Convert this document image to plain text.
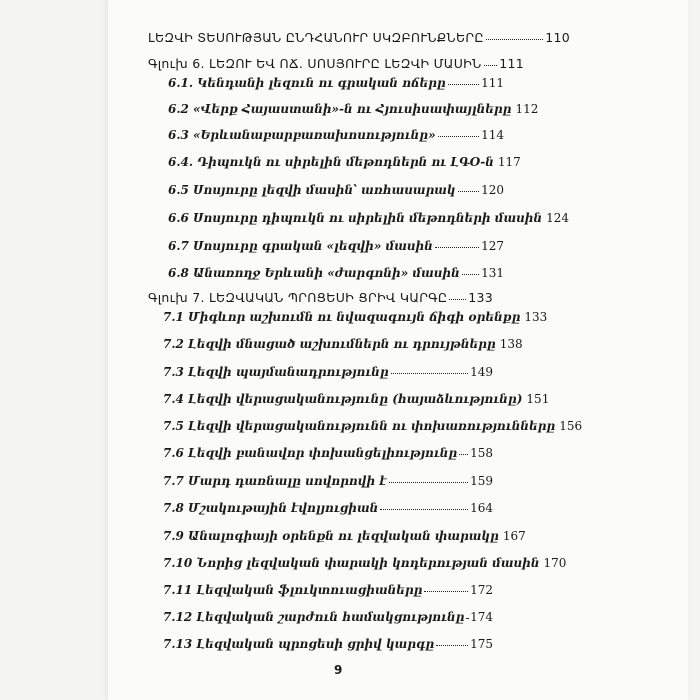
ԼԵԶՎԻ ՏԵՍՈՒԹՅԱՆ ԸՆԴՀԱՆՈՒՐ ՍԿԶԲՈՒՆՔՆԵՐԸ	110
Գլուխ 6. ԼԵԶՈՒ ԵՎ ՈՃ. ՍՈՍՅՈՒՐԸ ԼԵԶՎԻ ՄԱՍԻՆ 111
6.1. Կենդանի լեզուն ու գրական ոճերը	111
6.2 «Վերք Հայաստանի»-ն ու Հյուսիսափայլները 112
6.3 «Երևանաբարբառախոսությունը»	114
6.4. Դիպուկն ու սիրելին մեթոդներն ու ԼԳՕ-ն 117
6.5 Սոսյուրը լեզվի մասին՝ առհասարակ 120
6.6 Սոսյուրը դիպուկն ու սիրելին մեթոդների մասին 124
6.7 Սոսյուրը գրական «լեզվի» մասին	127
6.8 Անառողջ Երևանի «ժարգոնի» մասին 131
Գլուխ 7. ԼԵԶՎԱԿԱՆ ՊՐՈՑԵՍԻ ՑՐԻՎ ԿԱՐԳԸ 133
7.1 Միգևոր աշխումն ու նվազագույն ճիգի օրենքը 133
7.2 Լեզվի մնացած աշխումներն ու դրույթները 138
7.3 Լեզվի պայմանադրությունը	149
7.4 Լեզվի վերացականությունը (հայաձևությունը) 151
7.5 Լեզվի վերացականությունն ու փոխառությունները 156
7.6 Լեզվի բանավոր փոխանցելիությունը 158
7.7 Մարդ դառնալը սովորովի է	159
7.8 Մշակութային էվոլյուցիան	164
7.9 Անալոգիայի օրենքն ու լեզվական փարակը 167
7.10 Նորից լեզվական փարակի կոդերության մասին 170
7.11 Լեզվական ֆլուկտուացիաները	172
7.12 Լեզվական շարժուն համակցությունը 174
7.13 Լեզվական պրոցեսի ցրիվ կարգը	175
9
